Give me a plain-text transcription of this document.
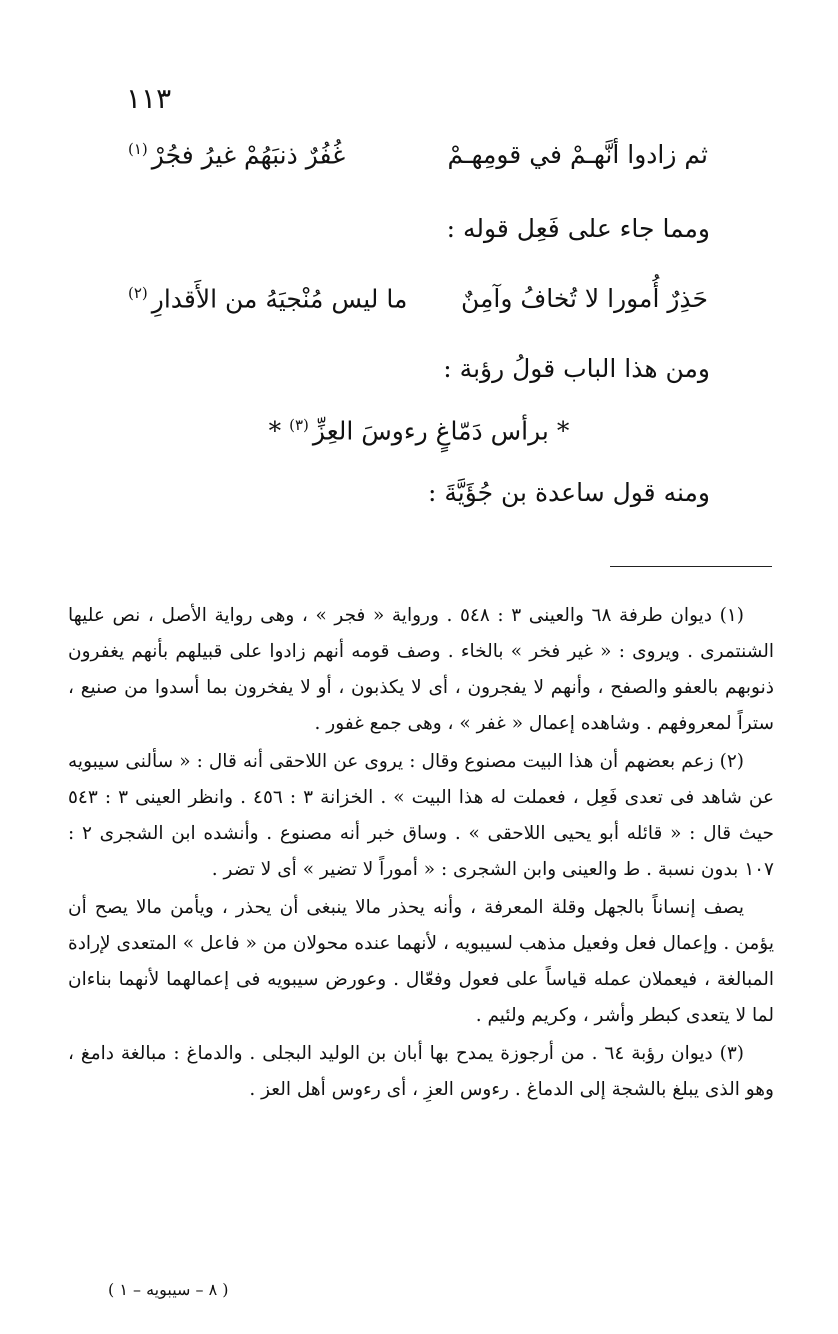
١١٣
ثم زادوا أنَّهـمْ في قومِهـمْ
غُفُرٌ ذنبَهُمْ غيرُ فجُرْ$^{(١)}$
ومما جاء على فَعِل قوله :
حَذِرٌ أُمورا لا تُخافُ وآمِنٌ
ما ليس مُنْجيَهُ من الأَقدارِ$^{(٢)}$
ومن هذا الباب قولُ رؤبة :
* برأس دَمّاغٍ رءوسَ العِزِّ$^{(٣)}$ *
ومنه قول ساعدة بن جُؤَيَّةَ :

(١) ديوان طرفة ٦٨ والعينى ٣ : ٥٤٨ . ورواية « فجر » ، وهى رواية الأصل ، نص عليها الشنتمرى . ويروى : « غير فخر » بالخاء . وصف قومه أنهم زادوا على قبيلهم بأنهم يغفرون ذنوبهم بالعفو والصفح ، وأنهم لا يفجرون ، أى لا يكذبون ، أو لا يفخرون بما أسدوا من صنيع ، ستراً لمعروفهم . وشاهده إعمال « غفر » ، وهى جمع غفور .

(٢) زعم بعضهم أن هذا البيت مصنوع وقال : يروى عن اللاحقى أنه قال : « سألنى سيبويه عن شاهد فى تعدى فَعِل ، فعملت له هذا البيت » . الخزانة ٣ : ٤٥٦ . وانظر العينى ٣ : ٥٤٣ حيث قال : « قائله أبو يحيى اللاحقى » . وساق خبر أنه مصنوع . وأنشده ابن الشجرى ٢ : ١٠٧ بدون نسبة . ط والعينى وابن الشجرى : « أموراً لا تضير » أى لا تضر .

يصف إنساناً بالجهل وقلة المعرفة ، وأنه يحذر مالا ينبغى أن يحذر ، ويأمن مالا يصح أن يؤمن . وإعمال فعل وفعيل مذهب لسيبويه ، لأنهما عنده محولان من « فاعل » المتعدى لإرادة المبالغة ، فيعملان عمله قياساً على فعول وفعّال . وعورض سيبويه فى إعمالهما لأنهما بناءان لما لا يتعدى كبطر وأشر ، وكريم ولئيم .

(٣) ديوان رؤبة ٦٤ . من أرجوزة يمدح بها أبان بن الوليد البجلى . والدماغ : مبالغة دامغ ، وهو الذى يبلغ بالشجة إلى الدماغ . رءوس العزِ ، أى رءوس أهل العز .

( ٨ – سيبويه – ١ )
